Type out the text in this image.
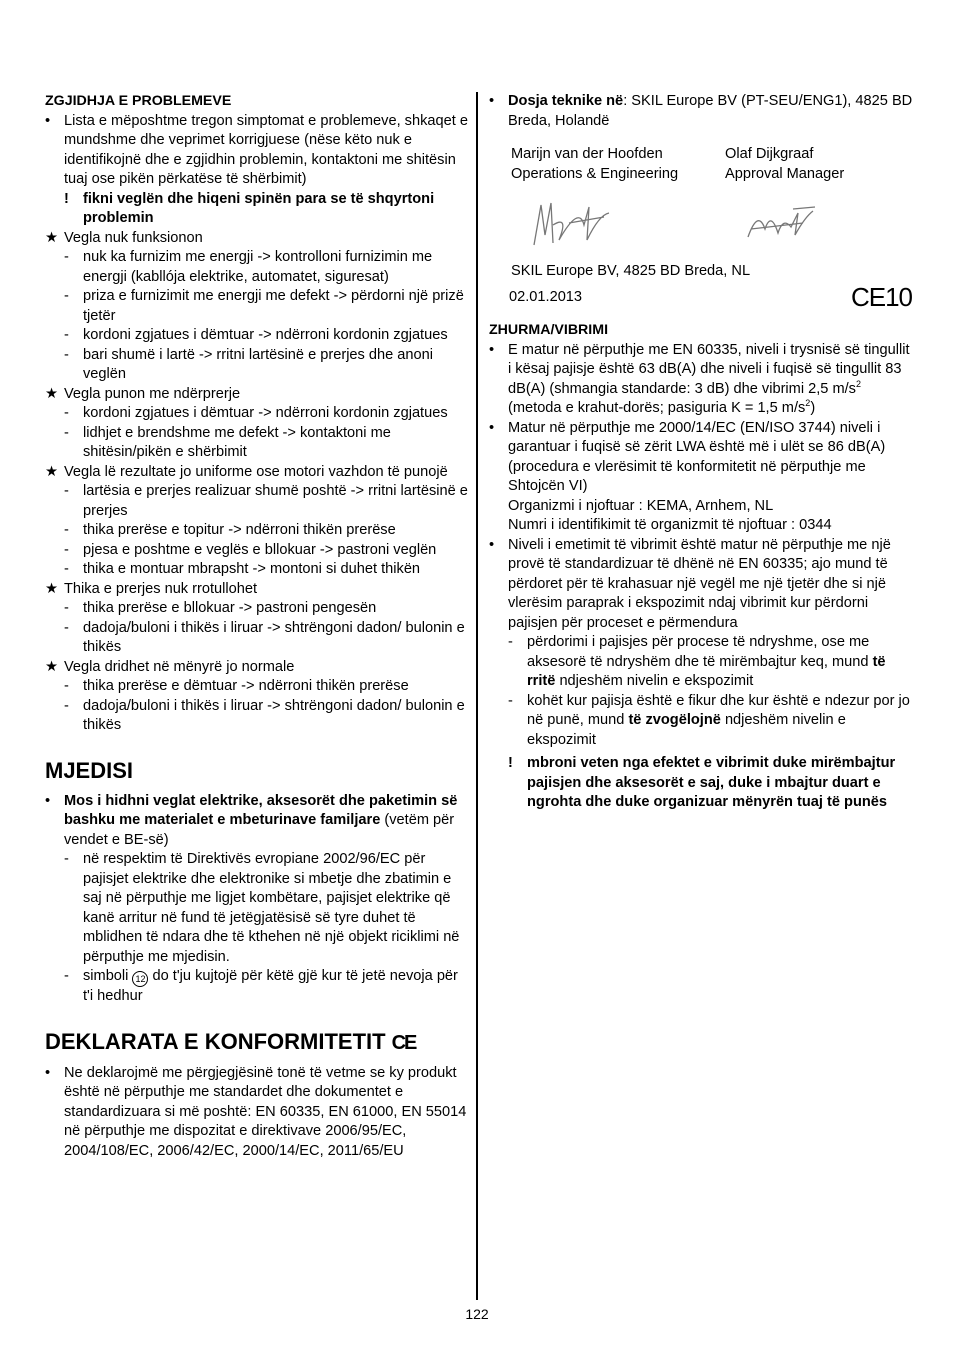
ZGJIDHJA E PROBLEMEVE
• Lista e mëposhtme tregon simptomat e problemeve, shkaqet e mundshme dhe veprimet korrigjuese (nëse këto nuk e identifikojnë dhe e zgjidhin problemin, kontaktoni me shitësin tuaj ose pikën përkatëse të shërbimit)
! fikni veglën dhe hiqeni spinën para se të shqyrtoni problemin
★ Vegla nuk funksionon
- nuk ka furnizim me energji -> kontrolloni furnizimin me energji (kabllója elektrike, automatet, siguresat)
- priza e furnizimit me energji me defekt -> përdorni një prizë tjetër
- kordoni zgjatues i dëmtuar -> ndërroni kordonin zgjatues
- bari shumë i lartë -> rritni lartësinë e prerjes dhe anoni veglën
★ Vegla punon me ndërprerje
- kordoni zgjatues i dëmtuar -> ndërroni kordonin zgjatues
- lidhjet e brendshme me defekt -> kontaktoni me shitësin/pikën e shërbimit
★ Vegla lë rezultate jo uniforme ose motori vazhdon të punojë
- lartësia e prerjes realizuar shumë poshtë -> rritni lartësinë e prerjes
- thika prerëse e topitur -> ndërroni thikën prerëse
- pjesa e poshtme e veglës e bllokuar -> pastroni veglën
- thika e montuar mbrapsht -> montoni si duhet thikën
★ Thika e prerjes nuk rrotullohet
- thika prerëse e bllokuar -> pastroni pengesën
- dadoja/buloni i thikës i liruar -> shtrëngoni dadon/ bulonin e thikës
★ Vegla dridhet në mënyrë jo normale
- thika prerëse e dëmtuar -> ndërroni thikën prerëse
- dadoja/buloni i thikës i liruar -> shtrëngoni dadon/ bulonin e thikës
MJEDISI
• Mos i hidhni veglat elektrike, aksesorët dhe paketimin së bashku me materialet e mbeturinave familjare (vetëm për vendet e BE-së)
- në respektim të Direktivës evropiane 2002/96/EC për pajisjet elektrike dhe elektronike si mbetje dhe zbatimin e saj në përputhje me ligjet kombëtare, pajisjet elektrike që kanë arritur në fund të jetëgjatësisë së tyre duhet të mblidhen të ndara dhe të kthehen në një objekt riciklimi në përputhje me mjedisin.
- simboli 12 do t'ju kujtojë për këtë gjë kur të jetë nevoja për t'i hedhur
DEKLARATA E KONFORMITETIT CE
• Ne deklarojmë me përgjegjësinë tonë të vetme se ky produkt është në përputhje me standardet dhe dokumentet e standardizuara si më poshtë: EN 60335, EN 61000, EN 55014 në përputhje me dispozitat e direktivave 2006/95/EC, 2004/108/EC, 2006/42/EC, 2000/14/EC, 2011/65/EU
• Dosja teknike në: SKIL Europe BV (PT-SEU/ENG1), 4825 BD Breda, Holandë
Marijn van der Hoofden
Operations & Engineering
Olaf Dijkgraaf
Approval Manager
SKIL Europe BV, 4825 BD Breda, NL
02.01.2013	CE10
ZHURMA/VIBRIMI
• E matur në përputhje me EN 60335, niveli i trysnisë së tingullit i kësaj pajisje është 63 dB(A) dhe niveli i fuqisë së tingullit 83 dB(A) (shmangia standarde: 3 dB) dhe vibrimi 2,5 $m/s^2$ (metoda e krahut-dorës; pasiguria K = 1,5 $m/s^2$)
• Matur në përputhje me 2000/14/EC (EN/ISO 3744) niveli i garantuar i fuqisë së zërit LWA është më i ulët se 86 dB(A) (procedura e vlerësimit të konformitetit në përputhje me Shtojcën VI)
Organizmi i njoftuar : KEMA, Arnhem, NL
Numri i identifikimit të organizmit të njoftuar : 0344
• Niveli i emetimit të vibrimit është matur në përputhje me një provë të standardizuar të dhënë në EN 60335; ajo mund të përdoret për të krahasuar një vegël me një tjetër dhe si një vlerësim paraprak i ekspozimit ndaj vibrimit kur përdorni pajisjen për proceset e përmendura
- përdorimi i pajisjes për procese të ndryshme, ose me aksesorë të ndryshëm dhe të mirëmbajtur keq, mund të rritë ndjeshëm nivelin e ekspozimit
- kohët kur pajisja është e fikur dhe kur është e ndezur por jo në punë, mund të zvogëlojnë ndjeshëm nivelin e ekspozimit
! mbroni veten nga efektet e vibrimit duke mirëmbajtur pajisjen dhe aksesorët e saj, duke i mbajtur duart e ngrohta dhe duke organizuar mënyrën tuaj të punës
122
